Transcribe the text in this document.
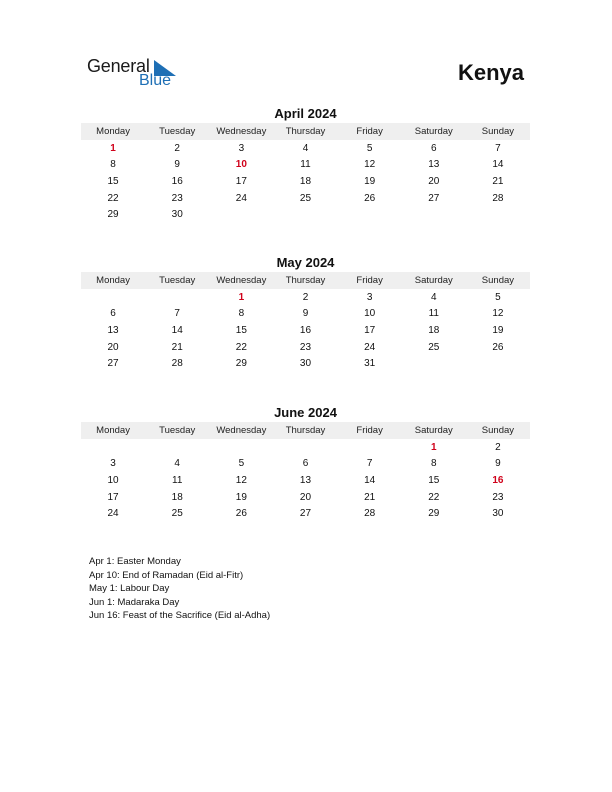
General
Blue	Kenya
April 2024
Monday	Tuesday	Wednesday	Thursday	Friday	Saturday	Sunday
1	2	3	4	5	6	7
8	9	10	11	12	13	14
15	16	17	18	19	20	21
22	23	24	25	26	27	28
29	30					
May 2024
Monday	Tuesday	Wednesday	Thursday	Friday	Saturday	Sunday
		1	2	3	4	5
6	7	8	9	10	11	12
13	14	15	16	17	18	19
20	21	22	23	24	25	26
27	28	29	30	31		
June 2024
Monday	Tuesday	Wednesday	Thursday	Friday	Saturday	Sunday
					1	2
3	4	5	6	7	8	9
10	11	12	13	14	15	16
17	18	19	20	21	22	23
24	25	26	27	28	29	30
Apr 1: Easter Monday
Apr 10: End of Ramadan (Eid al-Fitr)
May 1: Labour Day
Jun 1: Madaraka Day
Jun 16: Feast of the Sacrifice (Eid al-Adha)
